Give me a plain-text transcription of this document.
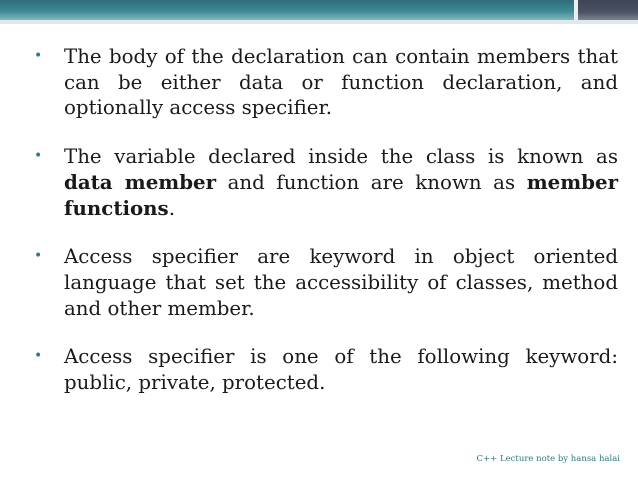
•	The body of the declaration can contain members that can be either data or function declaration, and optionally access specifier.

•	The variable declared inside the class is known as data member and function are known as member functions.

•	Access specifier are keyword in object oriented language that set the accessibility of classes, method and other member.

•	Access specifier is one of the following keyword: public, private, protected.

C++ Lecture note by hansa halai
